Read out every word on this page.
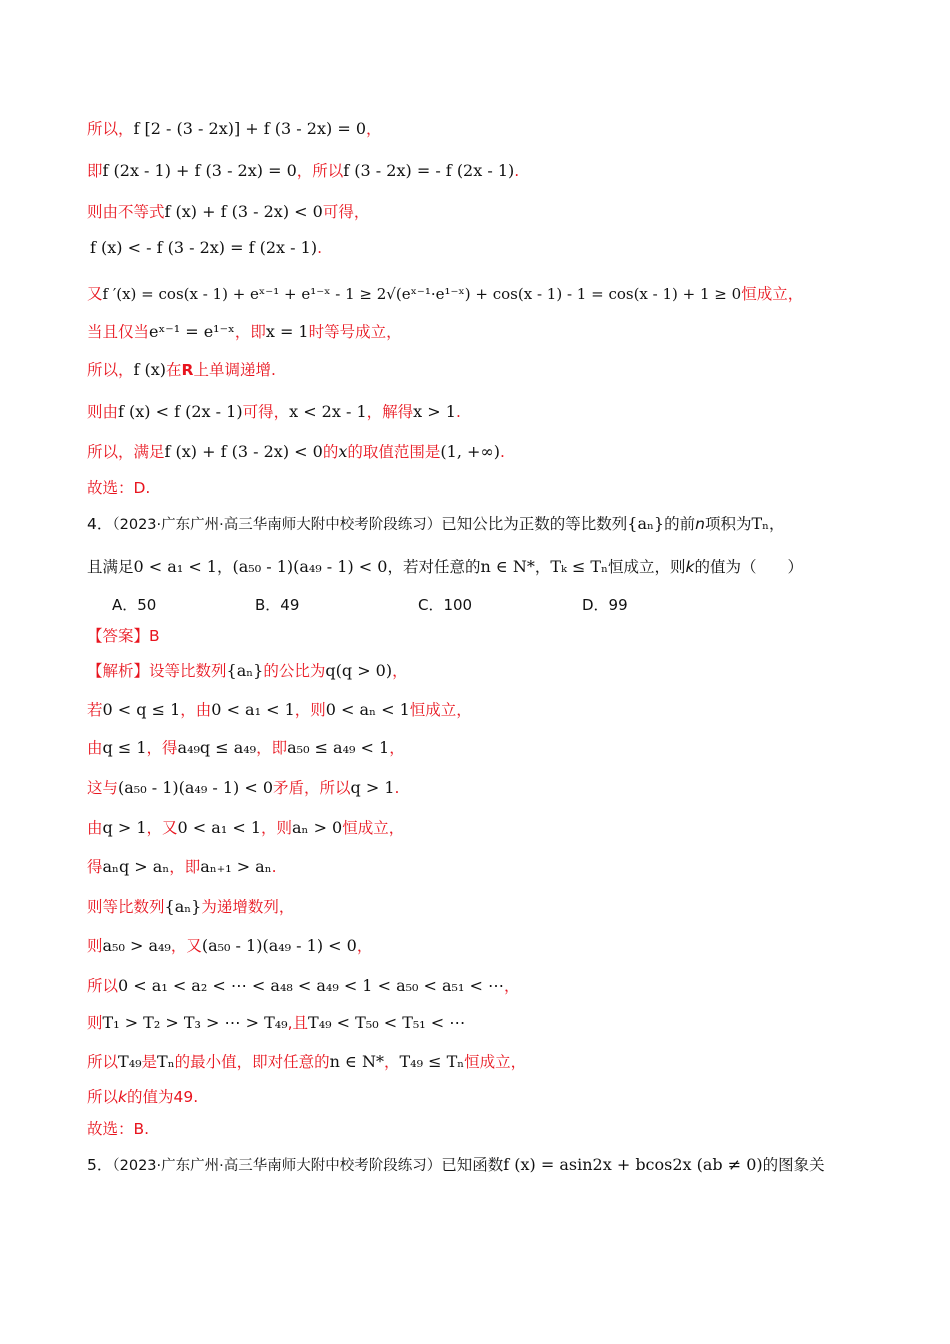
所以，f [2 - (3 - 2x)] + f (3 - 2x) = 0，
即f (2x - 1) + f (3 - 2x) = 0，所以f (3 - 2x) = - f (2x - 1).
则由不等式f (x) + f (3 - 2x) < 0可得，
f (x) < - f (3 - 2x) = f (2x - 1).
又f ′(x) = cos(x - 1) + eˣ⁻¹ + e¹⁻ˣ - 1 ≥ 2√(eˣ⁻¹·e¹⁻ˣ) + cos(x - 1) - 1 = cos(x - 1) + 1 ≥ 0恒成立，
当且仅当eˣ⁻¹ = e¹⁻ˣ，即x = 1时等号成立，
所以，f (x)在R上单调递增.
则由f (x) < f (2x - 1)可得，x < 2x - 1，解得x > 1.
所以，满足f (x) + f (3 - 2x) < 0的x的取值范围是(1, +∞).
故选：D.
4．（2023·广东广州·高三华南师大附中校考阶段练习）已知公比为正数的等比数列{aₙ}的前n项积为Tₙ，
且满足0 < a₁ < 1，(a₅₀ - 1)(a₄₉ - 1) < 0，若对任意的n ∈ N*，Tₖ ≤ Tₙ恒成立，则k的值为（　　）
A．50	B．49	C．100	D．99
【答案】B
【解析】设等比数列{aₙ}的公比为q(q > 0)，
若0 < q ≤ 1，由0 < a₁ < 1，则0 < aₙ < 1恒成立，
由q ≤ 1，得a₄₉q ≤ a₄₉，即a₅₀ ≤ a₄₉ < 1，
这与(a₅₀ - 1)(a₄₉ - 1) < 0矛盾，所以q > 1.
由q > 1，又0 < a₁ < 1，则aₙ > 0恒成立，
得aₙq > aₙ，即aₙ₊₁ > aₙ.
则等比数列{aₙ}为递增数列，
则a₅₀ > a₄₉，又(a₅₀ - 1)(a₄₉ - 1) < 0，
所以0 < a₁ < a₂ < ⋯ < a₄₈ < a₄₉ < 1 < a₅₀ < a₅₁ < ⋯，
则T₁ > T₂ > T₃ > ⋯ > T₄₉,且T₄₉ < T₅₀ < T₅₁ < ⋯
所以T₄₉是Tₙ的最小值，即对任意的n ∈ N*，T₄₉ ≤ Tₙ恒成立，
所以k的值为49.
故选：B.
5．（2023·广东广州·高三华南师大附中校考阶段练习）已知函数f (x) = asin2x + bcos2x (ab ≠ 0)的图象关
